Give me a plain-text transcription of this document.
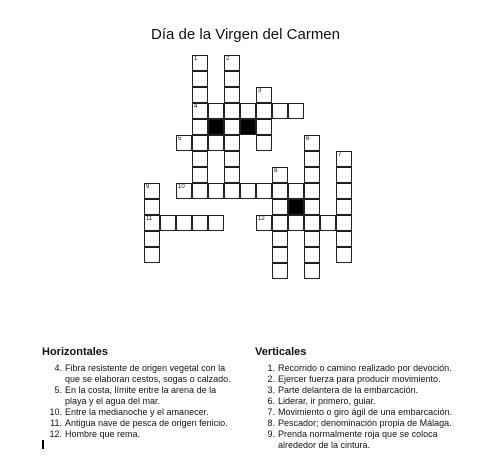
Día de la Virgen del Carmen
1	2
3
4
5	6
7
8
9	10
11	12
Horizontales
4. Fibra resistente de origen vegetal con la que se elaboran cestos, sogas o calzado.
5. En la costa, límite entre la arena de la playa y el agua del mar.
10. Entre la medianoche y el amanecer.
11. Antigua nave de pesca de origen fenicio.
12. Hombre que rema.
Verticales
1. Recorrido o camino realizado por devoción.
2. Ejercer fuerza para producir movimiento.
3. Parte delantera de la embarcación.
6. Liderar, ir primero, guiar.
7. Movimiento o giro ágil de una embarcación.
8. Pescador; denominación propia de Málaga.
9. Prenda normalmente roja que se coloca alrededor de la cintura.
